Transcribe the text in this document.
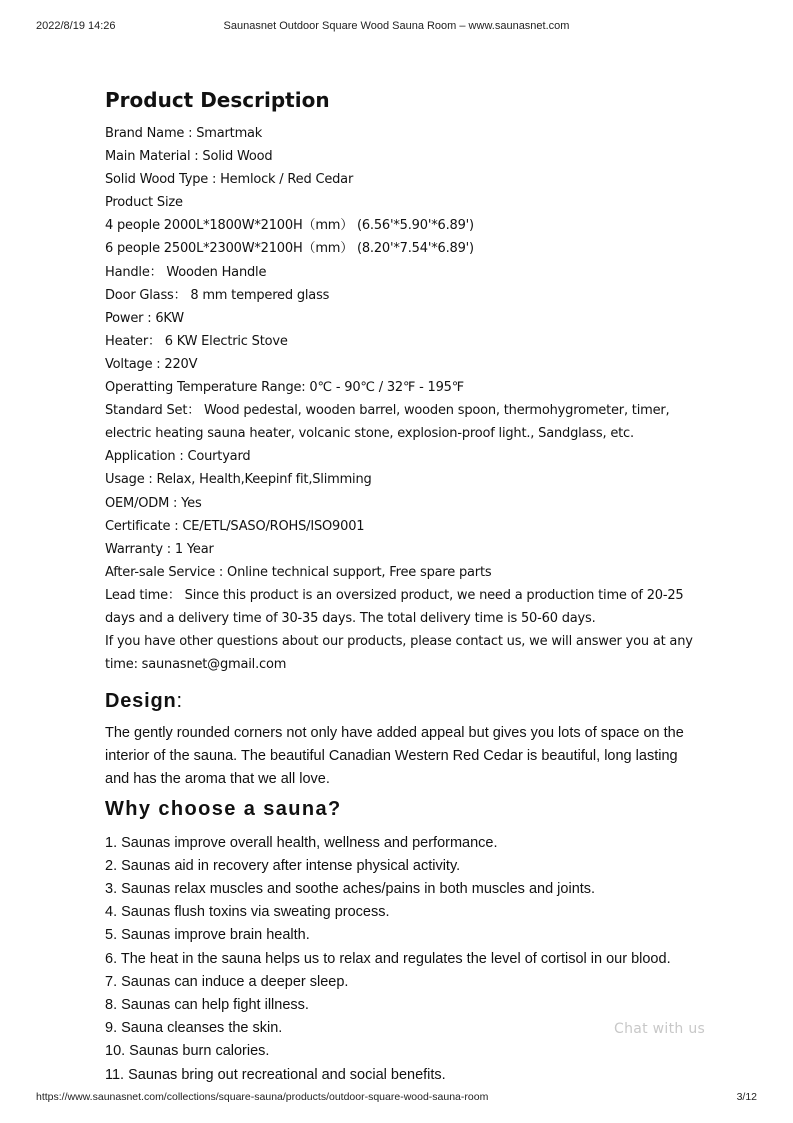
2022/8/19 14:26	Saunasnet Outdoor Square Wood Sauna Room – www.saunasnet.com
Product Description
Brand Name : Smartmak
Main Material : Solid Wood
Solid Wood Type : Hemlock / Red Cedar
Product Size
4 people 2000L*1800W*2100H（mm） (6.56'*5.90'*6.89')
6 people 2500L*2300W*2100H（mm） (8.20'*7.54'*6.89')
Handle： Wooden Handle
Door Glass： 8 mm tempered glass
Power : 6KW
Heater： 6 KW Electric Stove
Voltage : 220V
Operatting Temperature Range: 0℃ - 90℃ / 32℉ - 195℉
Standard Set： Wood pedestal, wooden barrel, wooden spoon, thermohygrometer, timer,
electric heating sauna heater, volcanic stone, explosion-proof light., Sandglass, etc.
Application : Courtyard
Usage : Relax, Health,Keepinf fit,Slimming
OEM/ODM : Yes
Certificate : CE/ETL/SASO/ROHS/ISO9001
Warranty : 1 Year
After-sale Service : Online technical support, Free spare parts
Lead time： Since this product is an oversized product, we need a production time of 20-25
days and a delivery time of 30-35 days. The total delivery time is 50-60 days.
If you have other questions about our products, please contact us, we will answer you at any
time: saunasnet@gmail.com
Design:

The gently rounded corners not only have added appeal but gives you lots of space on the interior of the sauna. The beautiful Canadian Western Red Cedar is beautiful, long lasting and has the aroma that we all love.

Why choose a sauna?
1. Saunas improve overall health, wellness and performance.
2. Saunas aid in recovery after intense physical activity.
3. Saunas relax muscles and soothe aches/pains in both muscles and joints.
4. Saunas flush toxins via sweating process.
5. Saunas improve brain health.
6. The heat in the sauna helps us to relax and regulates the level of cortisol in our blood.
7. Saunas can induce a deeper sleep.
8. Saunas can help fight illness.
9. Sauna cleanses the skin.
10. Saunas burn calories.
11. Saunas bring out recreational and social benefits.
Chat with us
https://www.saunasnet.com/collections/square-sauna/products/outdoor-square-wood-sauna-room	3/12
